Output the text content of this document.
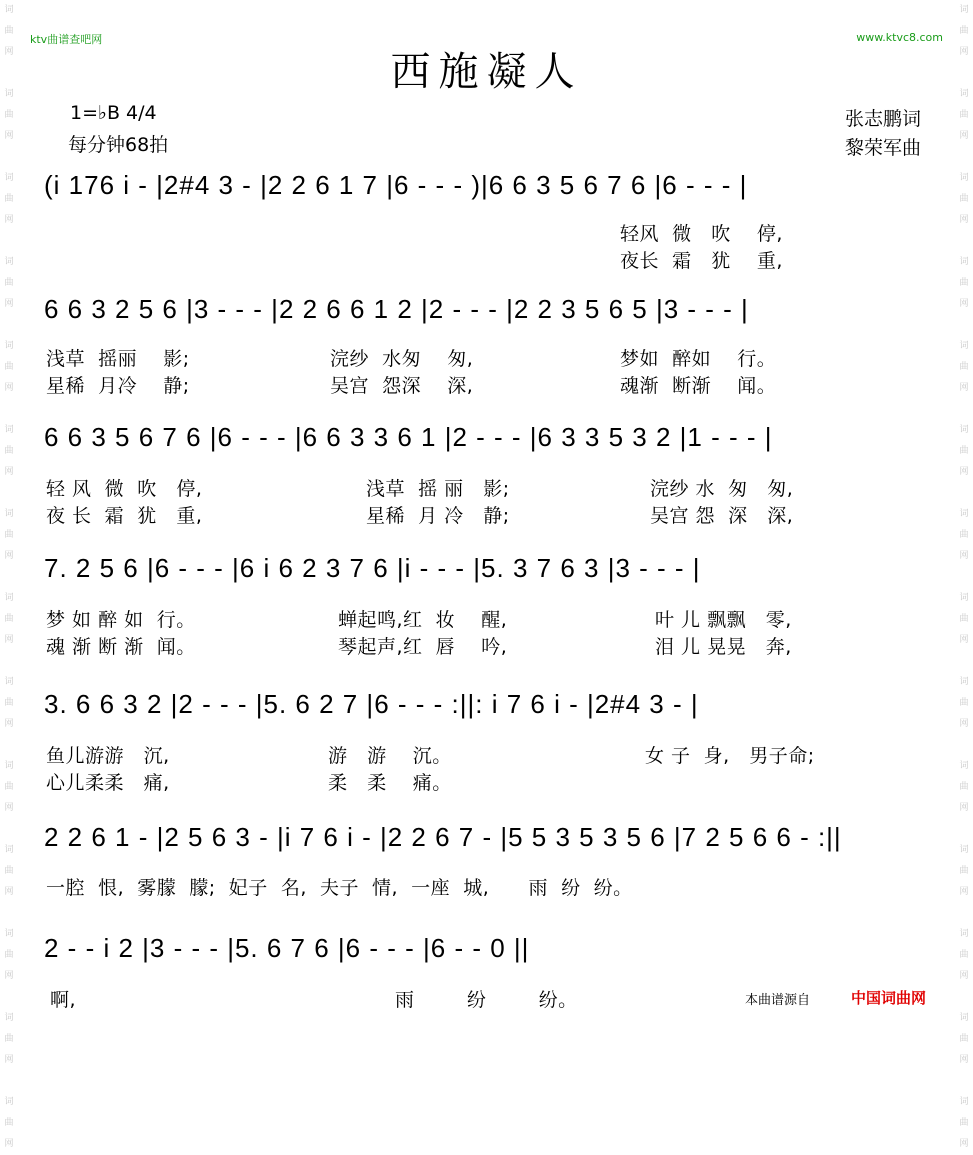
词
曲
网

词
曲
网

词
曲
网

词
曲
网

词
曲
网

词
曲
网

词
曲
网

词
曲
网

词
曲
网

词
曲
网

词
曲
网

词
曲
网

词
曲
网

词
曲
网

词
曲
网

词
曲
网

词
曲
网

词
曲
网

词
曲
网

词
曲
网

词
曲
网

词
曲
网

词
曲
网

词
曲
网

词
曲
网

词
曲
网

词
曲
网

词
曲
网

ktv曲谱查吧网	www.ktvc8.com
西施凝人
1=♭B 4/4
每分钟68拍
张志鹏词
黎荣军曲
(i 176 i - |2#4 3 - |2 2 6 1 7 |6 - - - )|6 6 3 5 6 7 6 |6 - - - |
轻风  微   吹    停,
夜长  霜   犹    重,
6 6 3 2 5 6 |3 - - - |2 2 6 6 1 2 |2 - - - |2 2 3 5 6 5 |3 - - - |
浅草  摇丽    影;	浣纱  水匆    匆,	梦如  醉如    行。
星稀  月冷    静;	吴宫  怨深    深,	魂渐  断渐    闻。
6 6 3 5 6 7 6 |6 - - - |6 6 3 3 6 1 |2 - - - |6 3 3 5 3 2 |1 - - - |
轻 风  微  吹   停,	浅草  摇 丽   影;	浣纱 水  匆   匆,
夜 长  霜  犹   重,	星稀  月 冷   静;	吴宫 怨  深   深,
7. 2 5 6 |6 - - - |6 i 6 2 3 7 6 |i - - - |5. 3 7 6 3 |3 - - - |
梦 如 醉 如  行。	蝉起鸣,红  妆    醒,	叶 儿 飘飘   零,
魂 渐 断 渐  闻。	琴起声,红  唇    吟,	泪 儿 晃晃   奔,
3. 6 6 3 2 |2 - - - |5. 6 2 7 |6 - - - :||: i 7 6 i - |2#4 3 - |
鱼儿游游   沉,	游   游    沉。	女 子  身,   男子命;
心儿柔柔   痛,	柔   柔    痛。
2 2 6 1 - |2 5 6 3 - |i 7 6 i - |2 2 6 7 - |5 5 3 5 3 5 6 |7 2 5 6 6 - :||
一腔  恨,  雾朦  朦;  妃子  名,  夫子  情,  一座  城,      雨  纷  纷。
2 - - i 2 |3 - - - |5. 6 7 6 |6 - - - |6 - - 0 ||
啊,	雨        纷        纷。	本曲谱源自	中国词曲网
